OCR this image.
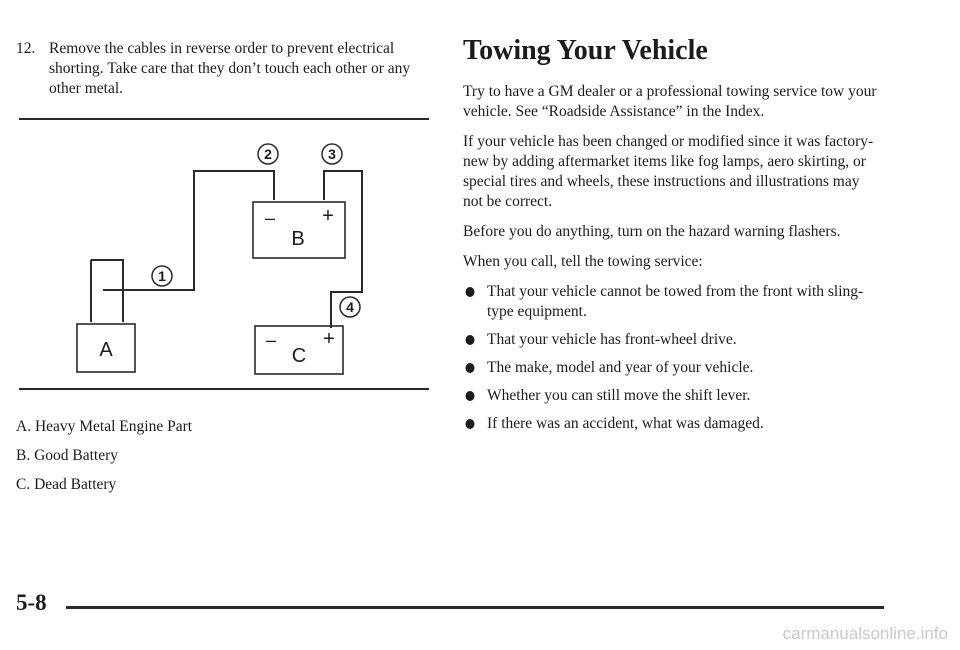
12. Remove the cables in reverse order to prevent electrical shorting. Take care that they don’t touch each other or any other metal.
B
– +
A	C
– +
2	3
1
4
A. Heavy Metal Engine Part
B. Good Battery
C. Dead Battery
Towing Your Vehicle

Try to have a GM dealer or a professional towing service tow your vehicle. See “Roadside Assistance” in the Index.

If your vehicle has been changed or modified since it was factory-new by adding aftermarket items like fog lamps, aero skirting, or special tires and wheels, these instructions and illustrations may not be correct.

Before you do anything, turn on the hazard warning flashers.

When you call, tell the towing service:

That your vehicle cannot be towed from the front with sling-type equipment.
That your vehicle has front-wheel drive.
The make, model and year of your vehicle.
Whether you can still move the shift lever.
If there was an accident, what was damaged.
5-8
carmanualsonline.info
